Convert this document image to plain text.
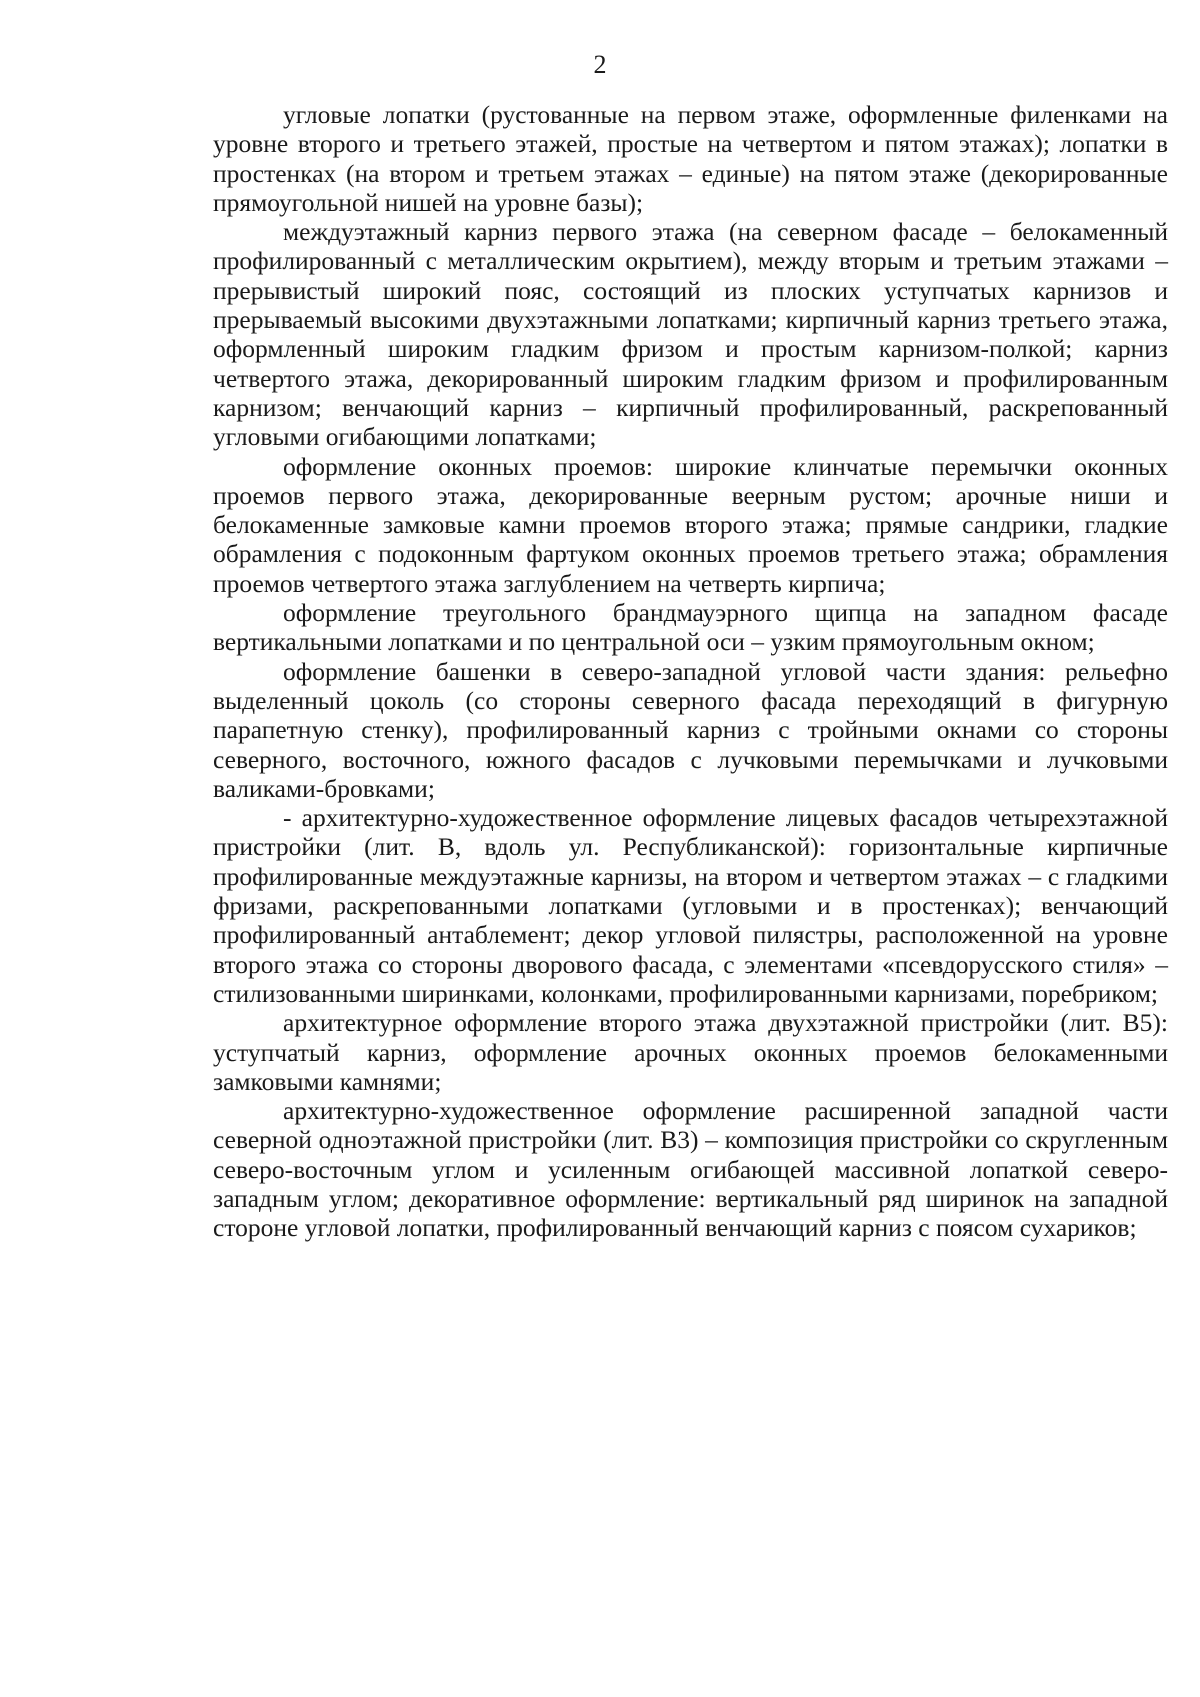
2

угловые лопатки (рустованные на первом этаже, оформленные филенками на уровне второго и третьего этажей, простые на четвертом и пятом этажах); лопатки в простенках (на втором и третьем этажах – единые) на пятом этаже (декорированные прямоугольной нишей на уровне базы);

междуэтажный карниз первого этажа (на северном фасаде – белокаменный профилированный с металлическим окрытием), между вторым и третьим этажами – прерывистый широкий пояс, состоящий из плоских уступчатых карнизов и прерываемый высокими двухэтажными лопатками; кирпичный карниз третьего этажа, оформленный широким гладким фризом и простым карнизом-полкой; карниз четвертого этажа, декорированный широким гладким фризом и профилированным карнизом; венчающий карниз – кирпичный профилированный, раскрепованный угловыми огибающими лопатками;

оформление оконных проемов: широкие клинчатые перемычки оконных проемов первого этажа, декорированные веерным рустом; арочные ниши и белокаменные замковые камни проемов второго этажа; прямые сандрики, гладкие обрамления с подоконным фартуком оконных проемов третьего этажа; обрамления проемов четвертого этажа заглублением на четверть кирпича;

оформление треугольного брандмауэрного щипца на западном фасаде вертикальными лопатками и по центральной оси – узким прямоугольным окном;

оформление башенки в северо-западной угловой части здания: рельефно выделенный цоколь (со стороны северного фасада переходящий в фигурную парапетную стенку), профилированный карниз с тройными окнами со стороны северного, восточного, южного фасадов с лучковыми перемычками и лучковыми валиками-бровками;

- архитектурно-художественное оформление лицевых фасадов четырехэтажной пристройки (лит. В, вдоль ул. Республиканской): горизонтальные кирпичные профилированные междуэтажные карнизы, на втором и четвертом этажах – с гладкими фризами, раскрепованными лопатками (угловыми и в простенках); венчающий профилированный антаблемент; декор угловой пилястры, расположенной на уровне второго этажа со стороны дворового фасада, с элементами «псевдорусского стиля» – стилизованными ширинками, колонками, профилированными карнизами, поребриком;

архитектурное оформление второго этажа двухэтажной пристройки (лит. В5): уступчатый карниз, оформление арочных оконных проемов белокаменными замковыми камнями;

архитектурно-художественное оформление расширенной западной части северной одноэтажной пристройки (лит. В3) – композиция пристройки со скругленным северо-восточным углом и усиленным огибающей массивной лопаткой северо-западным углом; декоративное оформление: вертикальный ряд ширинок на западной стороне угловой лопатки, профилированный венчающий карниз с поясом сухариков;
